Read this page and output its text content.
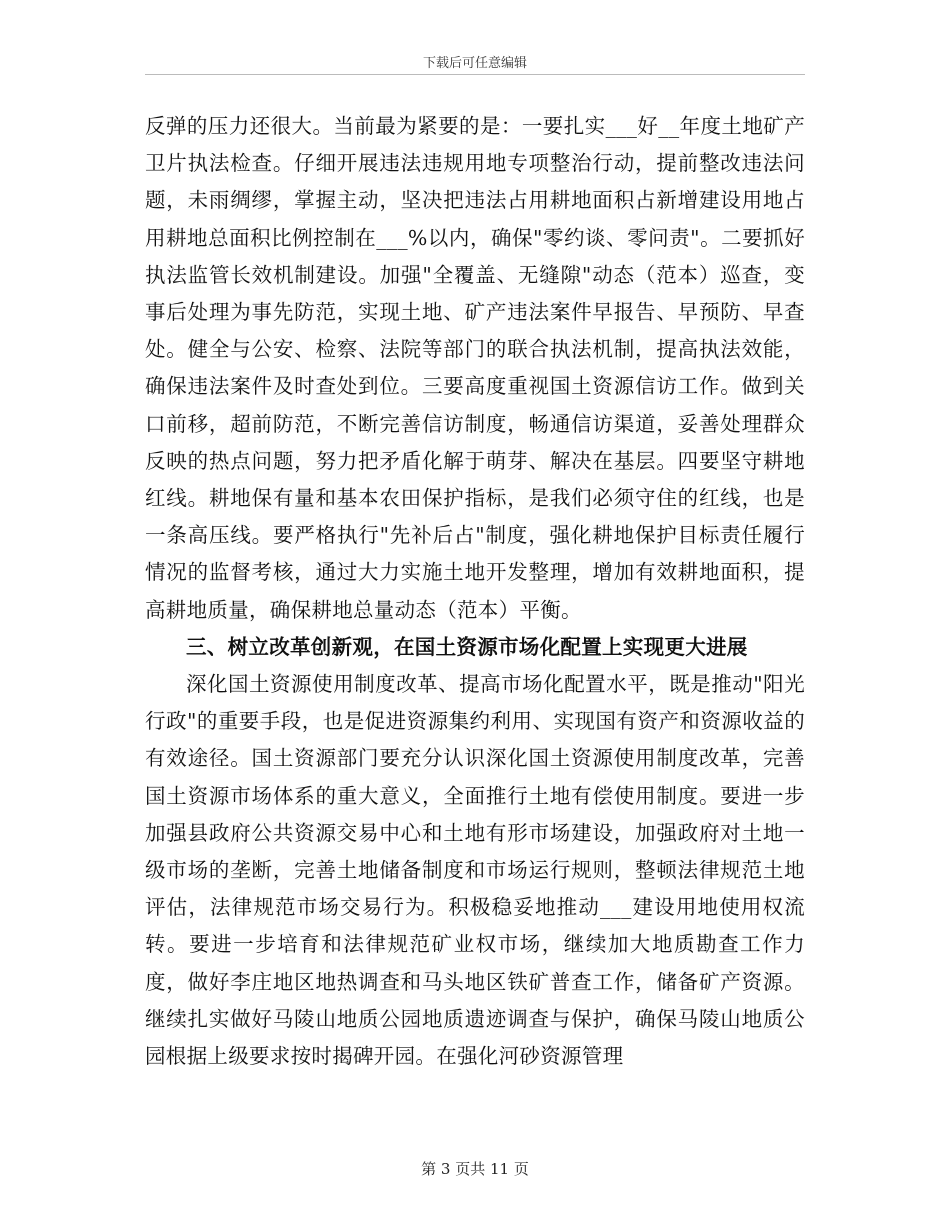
下载后可任意编辑

反弹的压力还很大。当前最为紧要的是：一要扎实___好__年度土地矿产卫片执法检查。仔细开展违法违规用地专项整治行动，提前整改违法问题，未雨绸缪，掌握主动，坚决把违法占用耕地面积占新增建设用地占用耕地总面积比例控制在___%以内，确保"零约谈、零问责"。二要抓好执法监管长效机制建设。加强"全覆盖、无缝隙"动态（范本）巡查，变事后处理为事先防范，实现土地、矿产违法案件早报告、早预防、早查处。健全与公安、检察、法院等部门的联合执法机制，提高执法效能，确保违法案件及时查处到位。三要高度重视国土资源信访工作。做到关口前移，超前防范，不断完善信访制度，畅通信访渠道，妥善处理群众反映的热点问题，努力把矛盾化解于萌芽、解决在基层。四要坚守耕地红线。耕地保有量和基本农田保护指标，是我们必须守住的红线，也是一条高压线。要严格执行"先补后占"制度，强化耕地保护目标责任履行情况的监督考核，通过大力实施土地开发整理，增加有效耕地面积，提高耕地质量，确保耕地总量动态（范本）平衡。

三、树立改革创新观，在国土资源市场化配置上实现更大进展

深化国土资源使用制度改革、提高市场化配置水平，既是推动"阳光行政"的重要手段，也是促进资源集约利用、实现国有资产和资源收益的有效途径。国土资源部门要充分认识深化国土资源使用制度改革，完善国土资源市场体系的重大意义，全面推行土地有偿使用制度。要进一步加强县政府公共资源交易中心和土地有形市场建设，加强政府对土地一级市场的垄断，完善土地储备制度和市场运行规则，整顿法律规范土地评估，法律规范市场交易行为。积极稳妥地推动___建设用地使用权流转。要进一步培育和法律规范矿业权市场，继续加大地质勘查工作力度，做好李庄地区地热调查和马头地区铁矿普查工作，储备矿产资源。继续扎实做好马陵山地质公园地质遗迹调查与保护，确保马陵山地质公园根据上级要求按时揭碑开园。在强化河砂资源管理

第 3 页共 11 页
